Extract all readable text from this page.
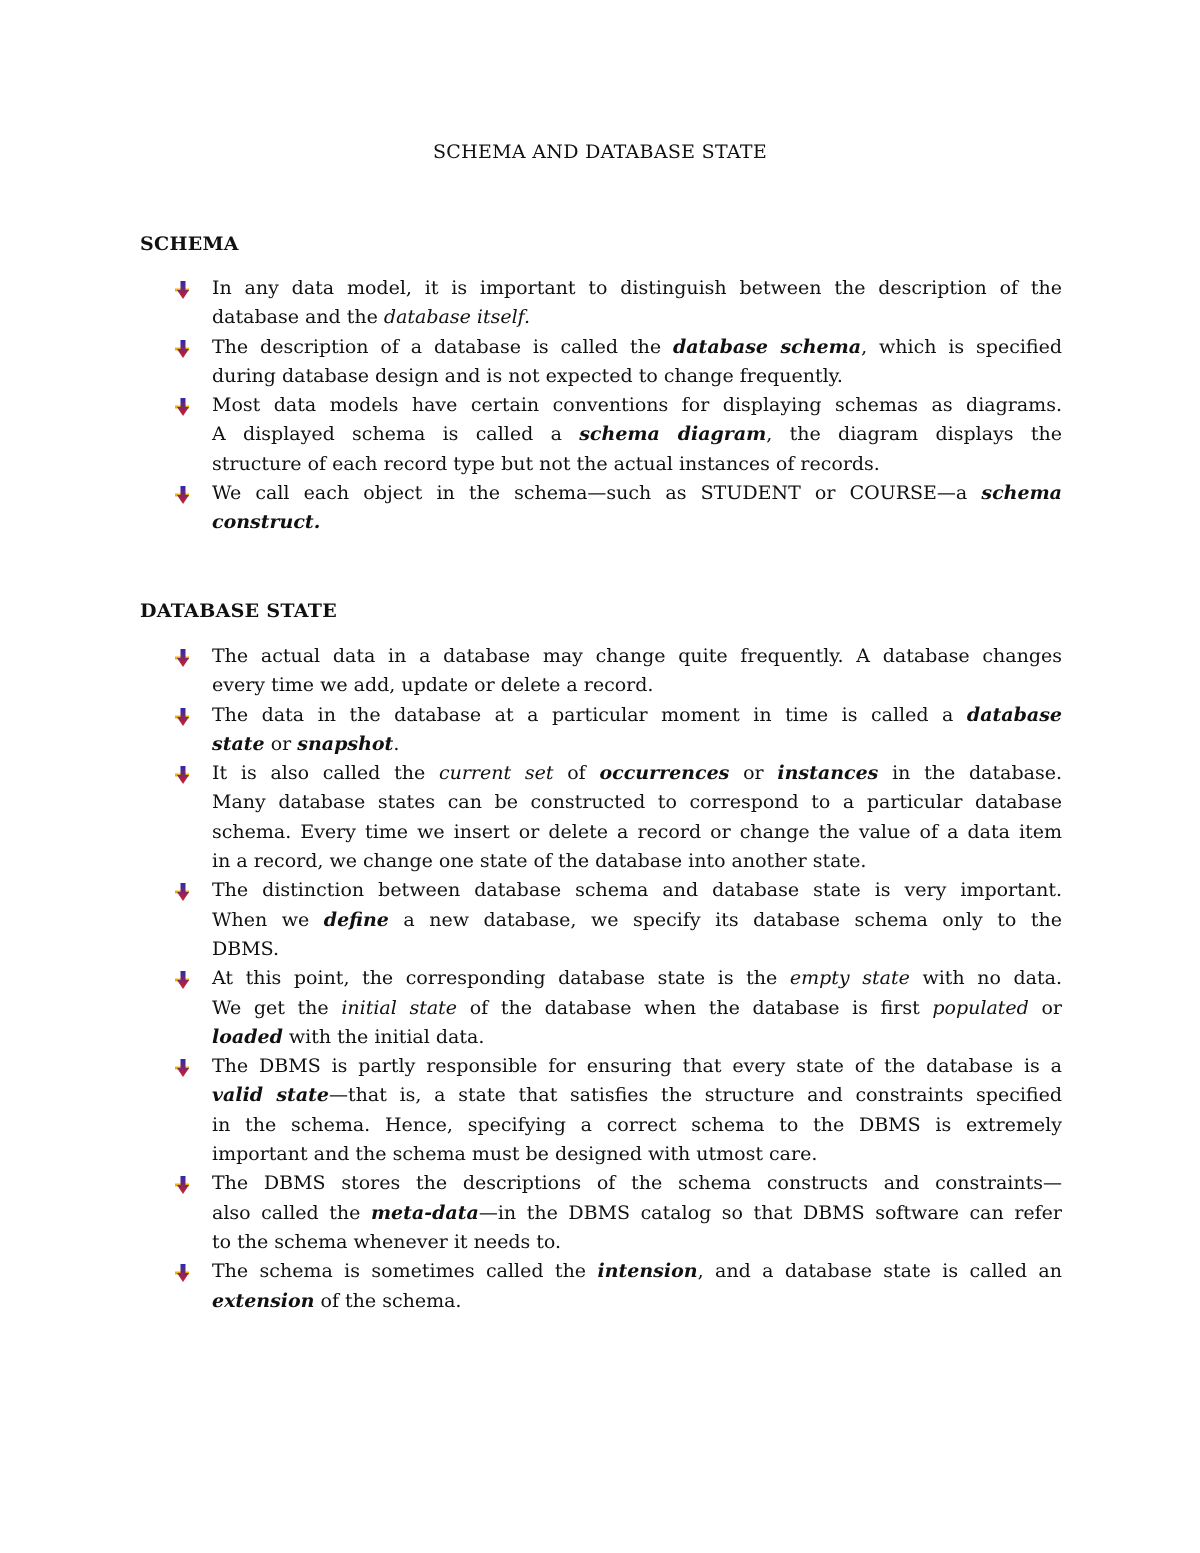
SCHEMA AND DATABASE STATE
SCHEMA
In any data model, it is important to distinguish between the description of the
database and the database itself.
The description of a database is called the database schema, which is specified
during database design and is not expected to change frequently.
Most data models have certain conventions for displaying schemas as diagrams.
A displayed schema is called a schema diagram, the diagram displays the
structure of each record type but not the actual instances of records.
We call each object in the schema—such as STUDENT or COURSE—a schema
construct.
DATABASE STATE
The actual data in a database may change quite frequently. A database changes
every time we add, update or delete a record.
The data in the database at a particular moment in time is called a database
state or snapshot.
It is also called the current set of occurrences or instances in the database.
Many database states can be constructed to correspond to a particular database
schema. Every time we insert or delete a record or change the value of a data item
in a record, we change one state of the database into another state.
The distinction between database schema and database state is very important.
When we define a new database, we specify its database schema only to the
DBMS.
At this point, the corresponding database state is the empty state with no data.
We get the initial state of the database when the database is first populated or
loaded with the initial data.
The DBMS is partly responsible for ensuring that every state of the database is a
valid state—that is, a state that satisfies the structure and constraints specified
in the schema. Hence, specifying a correct schema to the DBMS is extremely
important and the schema must be designed with utmost care.
The DBMS stores the descriptions of the schema constructs and constraints—
also called the meta-data—in the DBMS catalog so that DBMS software can refer
to the schema whenever it needs to.
The schema is sometimes called the intension, and a database state is called an
extension of the schema.
